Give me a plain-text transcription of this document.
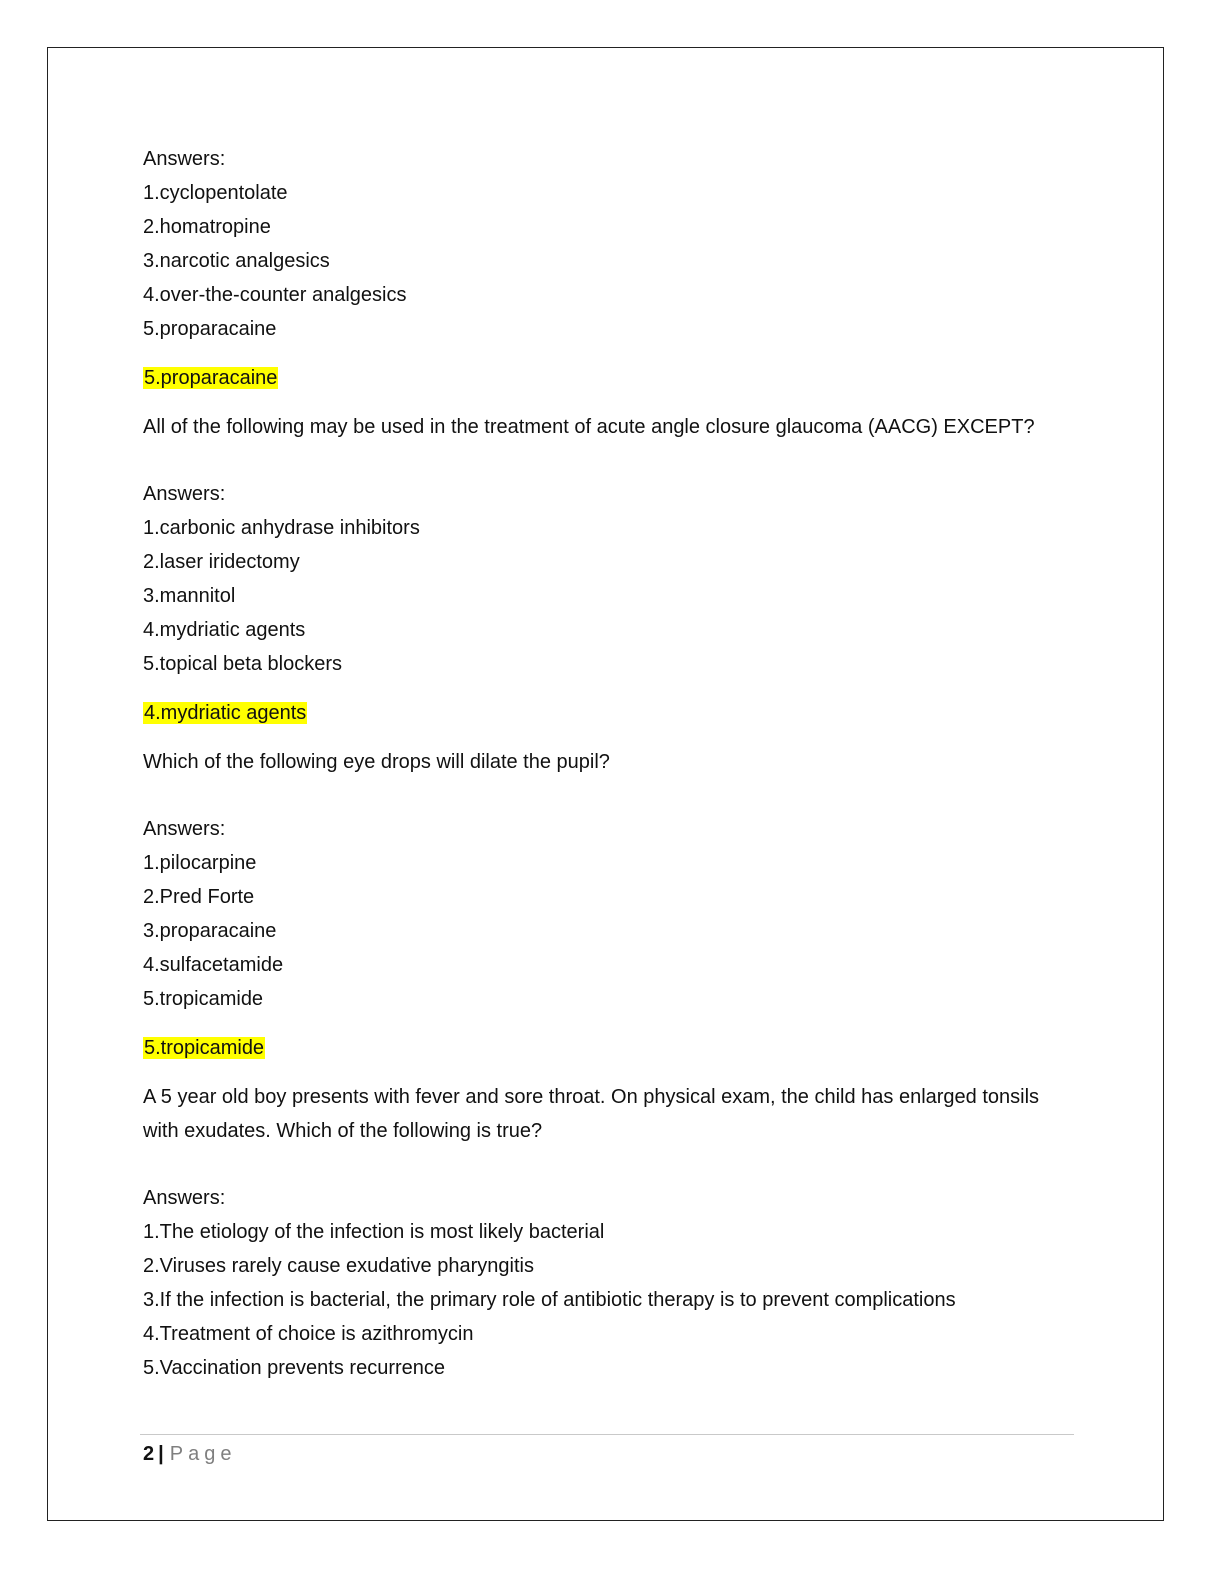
Answers:
1.cyclopentolate
2.homatropine
3.narcotic analgesics
4.over-the-counter analgesics
5.proparacaine
5.proparacaine
All of the following may be used in the treatment of acute angle closure glaucoma (AACG) EXCEPT?
Answers:
1.carbonic anhydrase inhibitors
2.laser iridectomy
3.mannitol
4.mydriatic agents
5.topical beta blockers
4.mydriatic agents
Which of the following eye drops will dilate the pupil?
Answers:
1.pilocarpine
2.Pred Forte
3.proparacaine
4.sulfacetamide
5.tropicamide
5.tropicamide
A 5 year old boy presents with fever and sore throat. On physical exam, the child has enlarged tonsils with exudates. Which of the following is true?
Answers:
1.The etiology of the infection is most likely bacterial
2.Viruses rarely cause exudative pharyngitis
3.If the infection is bacterial, the primary role of antibiotic therapy is to prevent complications
4.Treatment of choice is azithromycin
5.Vaccination prevents recurrence
2 | Page
